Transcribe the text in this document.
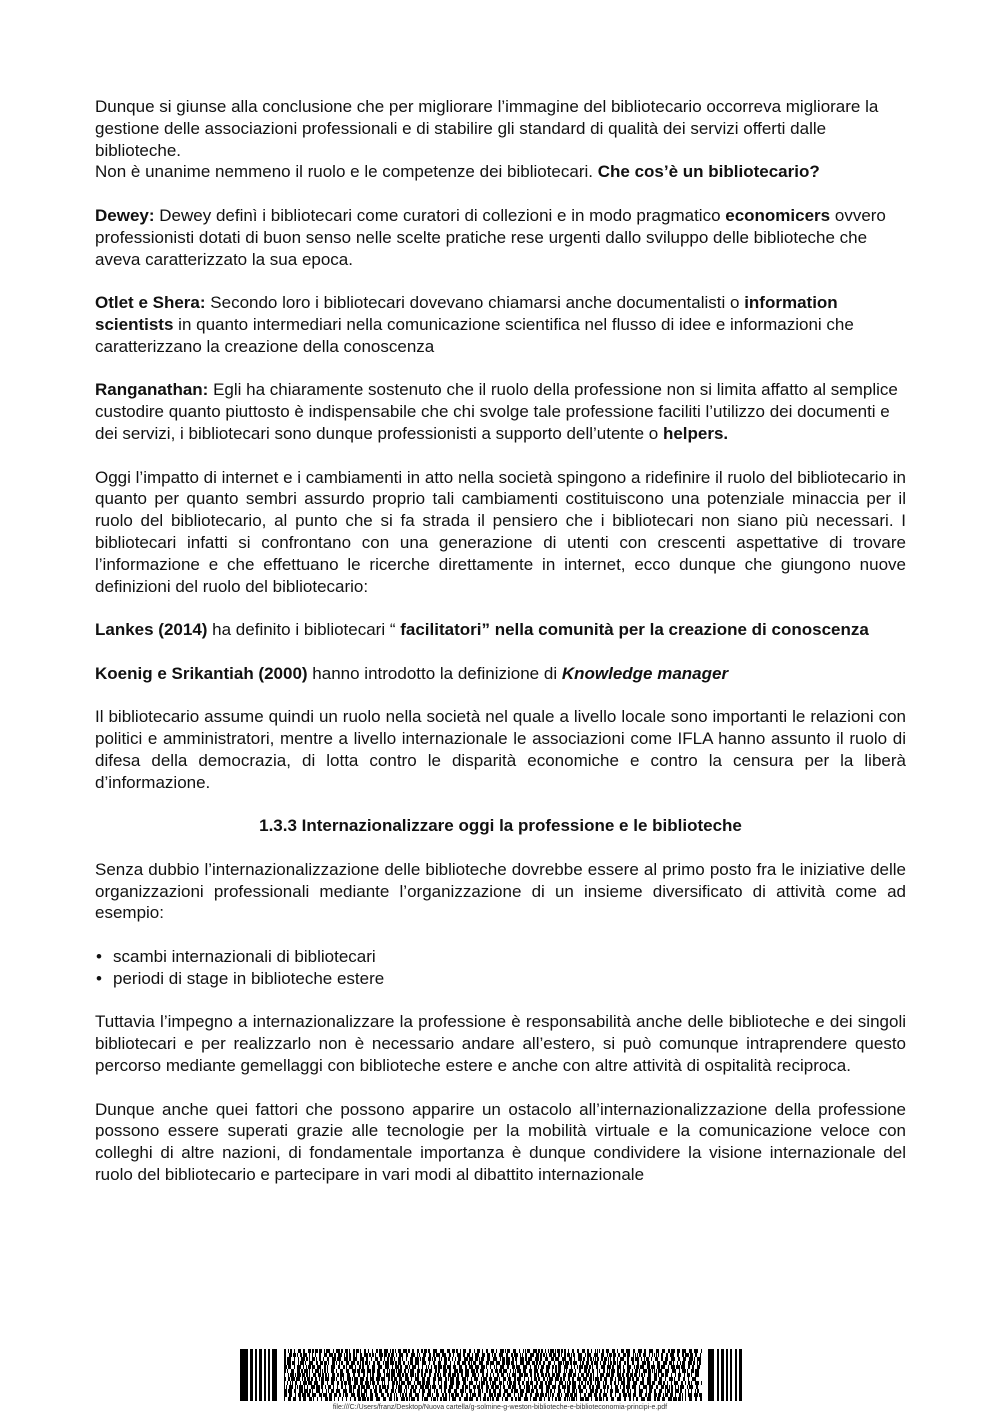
Dunque si giunse alla conclusione che per migliorare l’immagine del bibliotecario occorreva migliorare la gestione delle associazioni professionali e di stabilire gli standard di qualità dei servizi offerti dalle biblioteche.

Non è unanime nemmeno il ruolo e le competenze dei bibliotecari. Che cos’è un bibliotecario?

Dewey: Dewey definì i bibliotecari come curatori di collezioni e in modo pragmatico economicers ovvero professionisti dotati di buon senso nelle scelte pratiche rese urgenti dallo sviluppo delle biblioteche che aveva caratterizzato la sua epoca.

Otlet e Shera: Secondo loro i bibliotecari dovevano chiamarsi anche documentalisti o information scientists in quanto intermediari nella comunicazione scientifica nel flusso di idee e informazioni che caratterizzano la creazione della conoscenza

Ranganathan: Egli ha chiaramente sostenuto che il ruolo della professione non si limita affatto al semplice custodire quanto piuttosto è indispensabile che chi svolge tale professione faciliti l’utilizzo dei documenti e dei servizi, i bibliotecari sono dunque professionisti a supporto dell’utente o helpers.

Oggi l’impatto di internet e i cambiamenti in atto nella società spingono a ridefinire il ruolo del bibliotecario in quanto per quanto sembri assurdo proprio tali cambiamenti costituiscono una potenziale minaccia per il ruolo del bibliotecario, al punto che si fa strada il pensiero che i bibliotecari non siano più necessari. I bibliotecari infatti si confrontano con una generazione di utenti con crescenti aspettative di trovare l’informazione e che effettuano le ricerche direttamente in internet, ecco dunque che giungono nuove definizioni del ruolo del bibliotecario:

Lankes (2014) ha definito i bibliotecari “ facilitatori” nella comunità per la creazione di conoscenza

Koenig e Srikantiah (2000) hanno introdotto la definizione di Knowledge manager

Il bibliotecario assume quindi un ruolo nella società nel quale a livello locale sono importanti le relazioni con politici e amministratori, mentre a livello internazionale le associazioni come IFLA hanno assunto il ruolo di difesa della democrazia, di lotta contro le disparità economiche e contro la censura per la liberà d’informazione.

1.3.3 Internazionalizzare oggi la professione e le biblioteche

Senza dubbio l’internazionalizzazione delle biblioteche dovrebbe essere al primo posto fra le iniziative delle organizzazioni professionali mediante l’organizzazione di un insieme diversificato di attività come ad esempio:

• scambi internazionali di bibliotecari
• periodi di stage in biblioteche estere

Tuttavia l’impegno a internazionalizzare la professione è responsabilità anche delle biblioteche e dei singoli bibliotecari e per realizzarlo non è necessario andare all’estero, si può comunque intraprendere questo percorso mediante gemellaggi con biblioteche estere e anche con altre attività di ospitalità reciproca.

Dunque anche quei fattori che possono apparire un ostacolo all’internazionalizzazione della professione possono essere superati grazie alle tecnologie per la mobilità virtuale e la comunicazione veloce con colleghi di altre nazioni, di fondamentale importanza è dunque condividere la visione internazionale del ruolo del bibliotecario e partecipare in vari modi al dibattito internazionale

file:///C:/Users/franz/Desktop/Nuova cartella/g-solmine-g-weston-biblioteche-e-biblioteconomia-principi-e.pdf
